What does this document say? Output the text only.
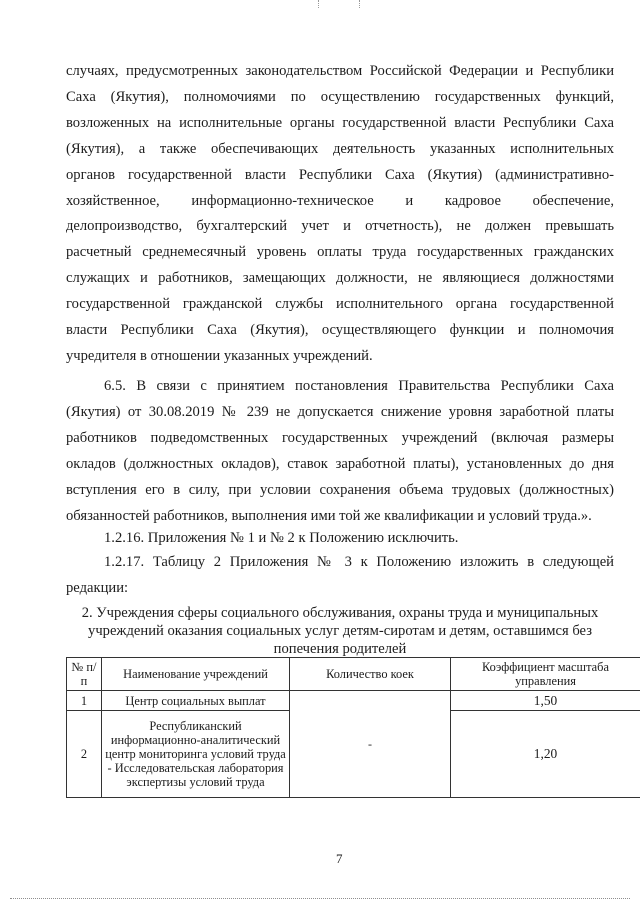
случаях, предусмотренных законодательством Российской Федерации и Республики
Саха (Якутия), полномочиями по осуществлению государственных функций,
возложенных на исполнительные органы государственной власти Республики Саха
(Якутия), а также обеспечивающих деятельность указанных исполнительных
органов государственной власти Республики Саха (Якутия) (административно-
хозяйственное, информационно-техническое и кадровое обеспечение,
делопроизводство, бухгалтерский учет и отчетность), не должен превышать
расчетный среднемесячный уровень оплаты труда государственных гражданских
служащих и работников, замещающих должности, не являющиеся должностями
государственной гражданской службы исполнительного органа государственной
власти Республики Саха (Якутия), осуществляющего функции и полномочия
учредителя в отношении указанных учреждений.

6.5. В связи с принятием постановления Правительства Республики Саха
(Якутия) от 30.08.2019 № 239 не допускается снижение уровня заработной платы
работников подведомственных государственных учреждений (включая размеры
окладов (должностных окладов), ставок заработной платы), установленных до дня
вступления его в силу, при условии сохранения объема трудовых (должностных)
обязанностей работников, выполнения ими той же квалификации и условий труда.».

1.2.16. Приложения № 1 и № 2 к Положению исключить.

1.2.17. Таблицу 2 Приложения № 3 к Положению изложить в следующей
редакции:

2. Учреждения сферы социального обслуживания, охраны труда и муниципальных
учреждений оказания социальных услуг детям-сиротам и детям, оставшимся без
попечения родителей
№ п/п	Наименование учреждений	Количество коек	Коэффициент масштаба управления
1	Центр социальных выплат	-	1,50
2	Республиканский информационно-аналитический центр мониторинга условий труда - Исследовательская лаборатория экспертизы условий труда		1,20
7
